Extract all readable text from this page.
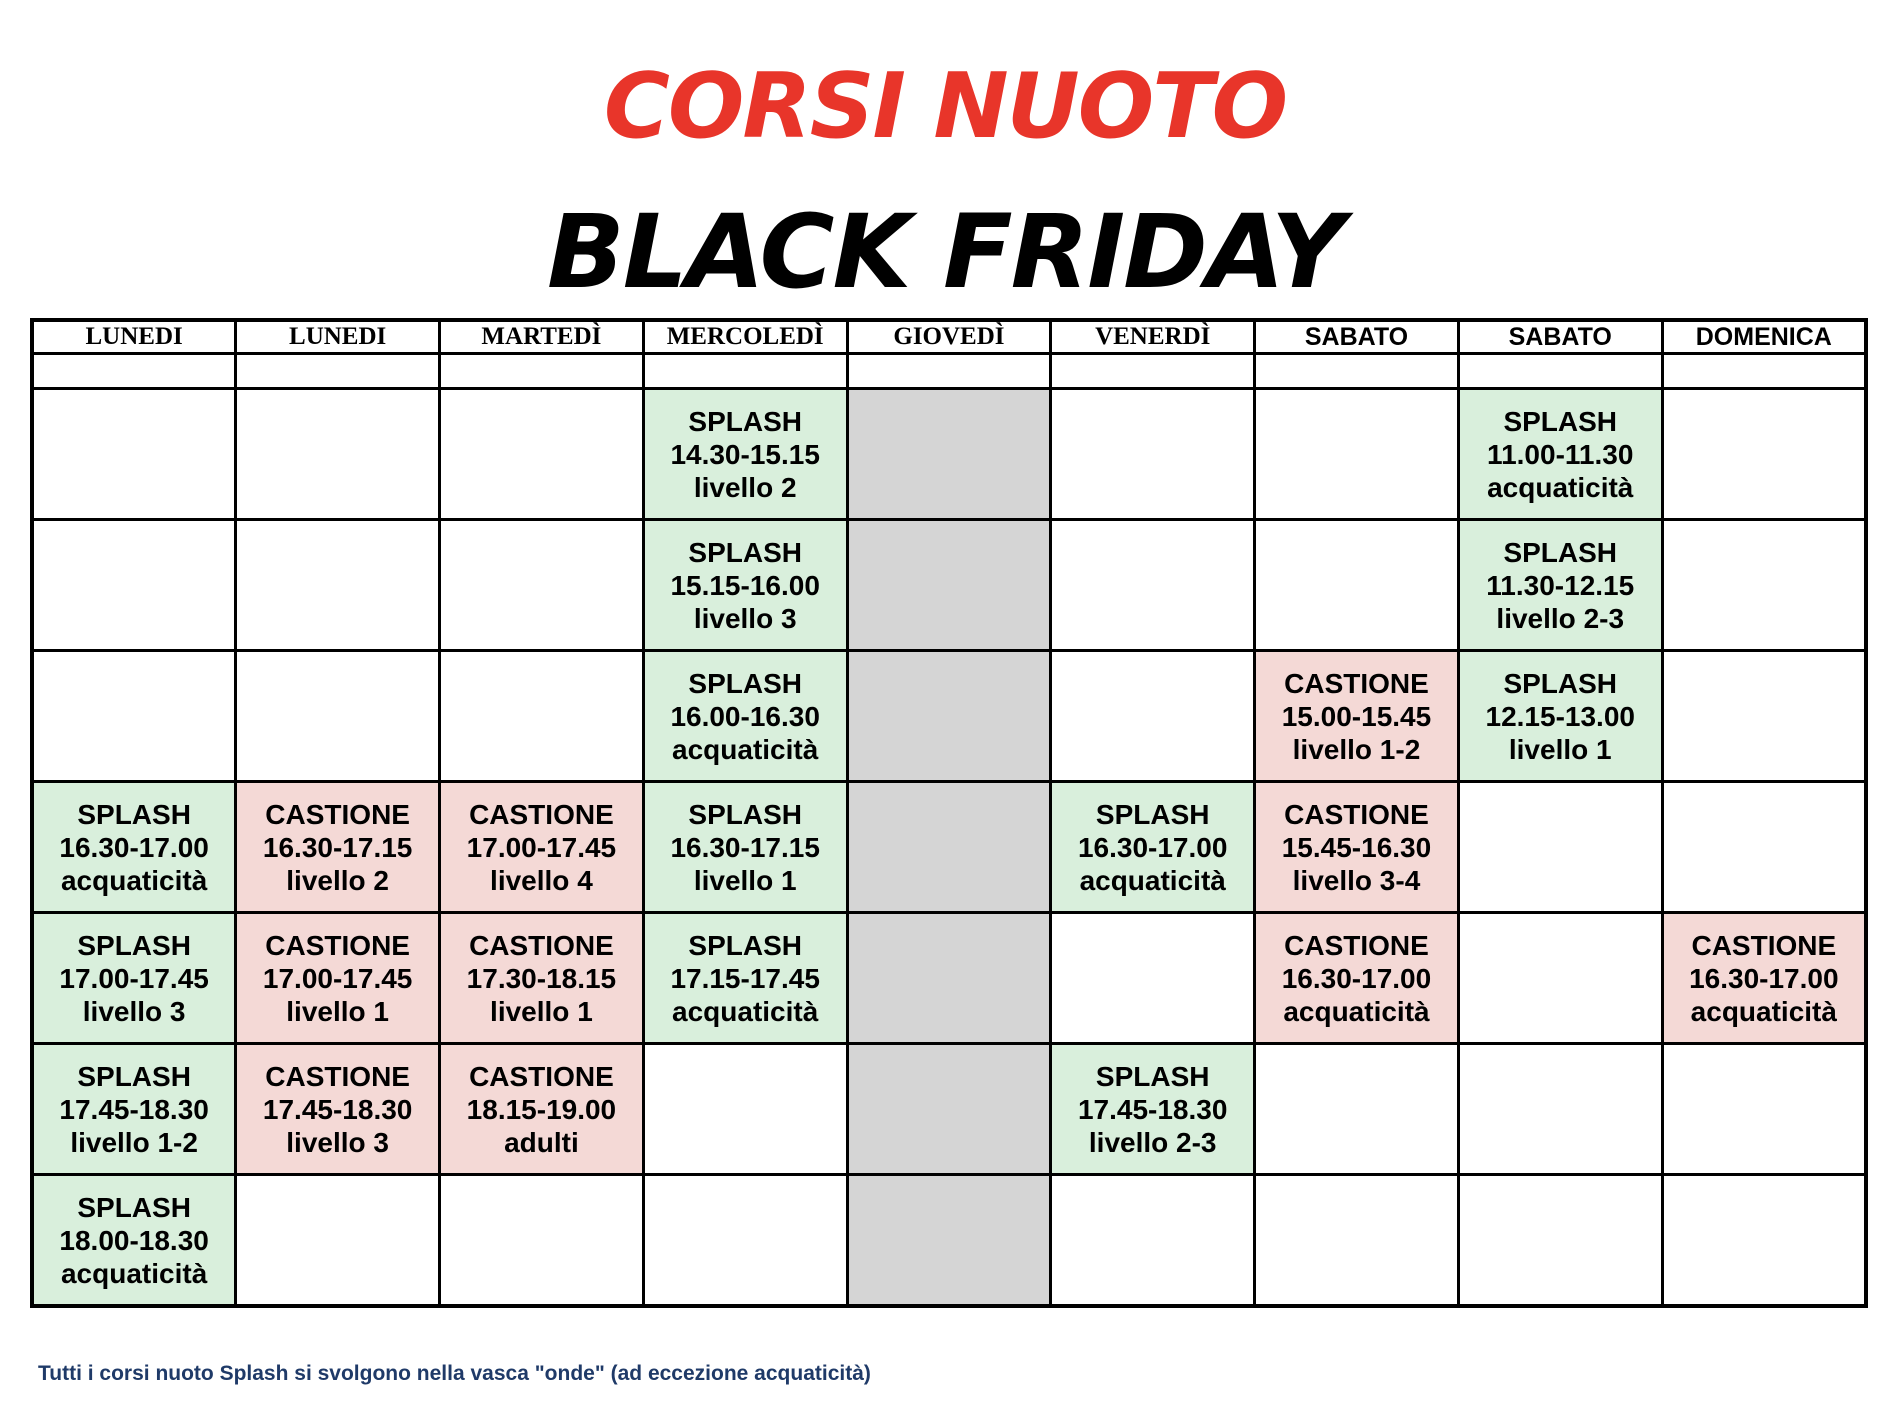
CORSI NUOTO
BLACK FRIDAY
LUNEDI	LUNEDI	MARTEDÌ	MERCOLEDÌ	GIOVEDÌ	VENERDÌ	SABATO	SABATO	DOMENICA

			SPLASH
14.30-15.15
livello 2				SPLASH
11.00-11.30
acquaticità	

			SPLASH
15.15-16.00
livello 3				SPLASH
11.30-12.15
livello 2-3	

			SPLASH
16.00-16.30
acquaticità			CASTIONE
15.00-15.45
livello 1-2	SPLASH
12.15-13.00
livello 1	

SPLASH
16.30-17.00
acquaticità	CASTIONE
16.30-17.15
livello 2	CASTIONE
17.00-17.45
livello 4	SPLASH
16.30-17.15
livello 1		SPLASH
16.30-17.00
acquaticità	CASTIONE
15.45-16.30
livello 3-4		

SPLASH
17.00-17.45
livello 3	CASTIONE
17.00-17.45
livello 1	CASTIONE
17.30-18.15
livello 1	SPLASH
17.15-17.45
acquaticità			CASTIONE
16.30-17.00
acquaticità		CASTIONE
16.30-17.00
acquaticità

SPLASH
17.45-18.30
livello 1-2	CASTIONE
17.45-18.30
livello 3	CASTIONE
18.15-19.00
adulti			SPLASH
17.45-18.30
livello 2-3			

SPLASH
18.00-18.30
acquaticità								

Tutti i corsi nuoto Splash si svolgono nella vasca "onde" (ad eccezione acquaticità)
